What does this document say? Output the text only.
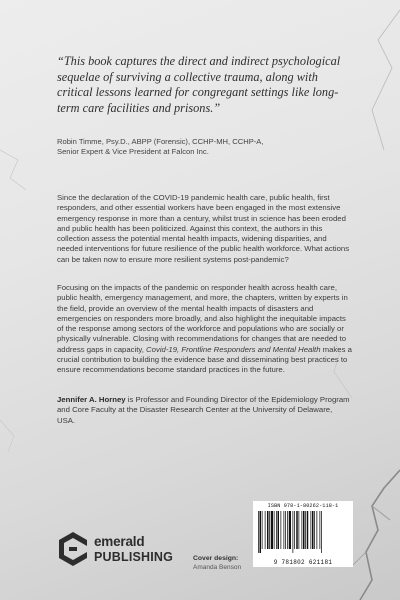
“This book captures the direct and indirect psychological sequelae of surviving a collective trauma, along with critical lessons learned for congregant settings like long-term care facilities and prisons.”

Robin Timme, Psy.D., ABPP (Forensic), CCHP-MH, CCHP-A,
Senior Expert & Vice President at Falcon Inc.

Since the declaration of the COVID-19 pandemic health care, public health, first responders, and other essential workers have been engaged in the most extensive emergency response in more than a century, whilst trust in science has been eroded and public health has been politicized. Against this context, the authors in this collection assess the potential mental health impacts, widening disparities, and needed interventions for future resilience of the public health workforce. What actions can be taken now to ensure more resilient systems post-pandemic?

Focusing on the impacts of the pandemic on responder health across health care, public health, emergency management, and more, the chapters, written by experts in the field, provide an overview of the mental health impacts of disasters and emergencies on responders more broadly, and also highlight the inequitable impacts of the response among sectors of the workforce and populations who are socially or physically vulnerable. Closing with recommendations for changes that are needed to address gaps in capacity, Covid-19, Frontline Responders and Mental Health makes a crucial contribution to building the evidence base and disseminating best practices to ensure recommendations become standard practices in the future.

Jennifer A. Horney is Professor and Founding Director of the Epidemiology Program and Core Faculty at the Disaster Research Center at the University of Delaware, USA.

emerald
PUBLISHING	Cover design:
Amanda Benson
ISBN 978-1-80262-118-1
9 781802 621181
